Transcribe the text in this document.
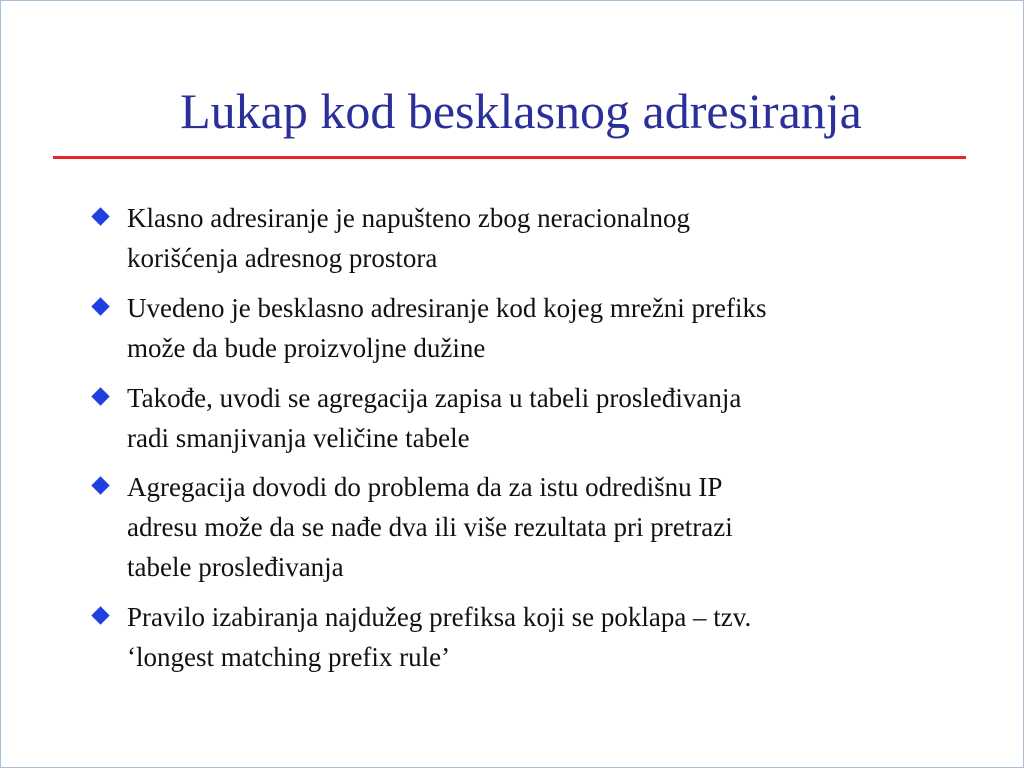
Lukap kod besklasnog adresiranja
Klasno adresiranje je napušteno zbog neracionalnog
korišćenja adresnog prostora
Uvedeno je besklasno adresiranje kod kojeg mrežni prefiks
može da bude proizvoljne dužine
Takođe, uvodi se agregacija zapisa u tabeli prosleđivanja
radi smanjivanja veličine tabele
Agregacija dovodi do problema da za istu odredišnu IP
adresu može da se nađe dva ili više rezultata pri pretrazi
tabele prosleđivanja
Pravilo izabiranja najdužeg prefiksa koji se poklapa – tzv.
‘longest matching prefix rule’
